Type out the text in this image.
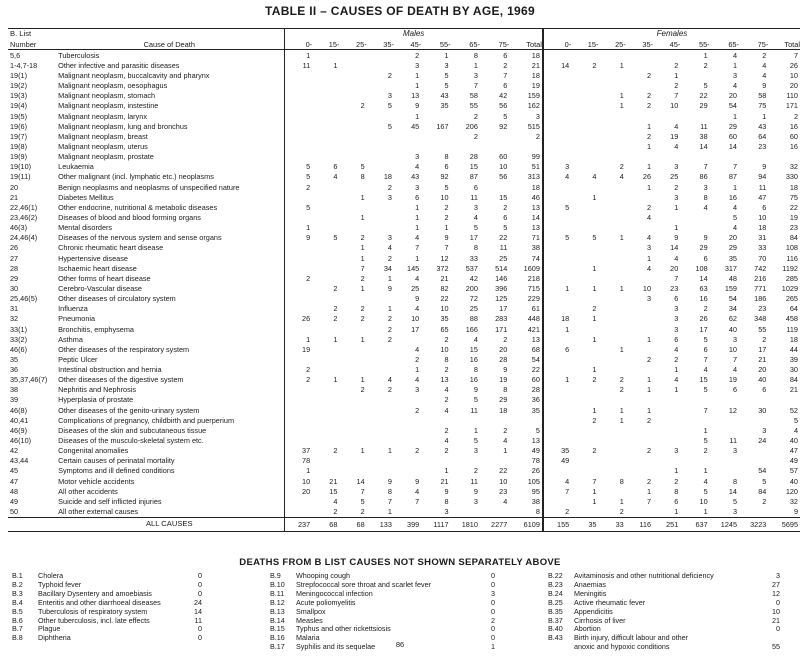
TABLE II – CAUSES OF DEATH BY AGE, 1969
B. List		Males									Females								
Number	Cause of Death	0-	15-	25-	35-	45-	55-	65-	75-	Total	0-	15-	25-	35-	45-	55-	65-	75-	Total
5,6	Tuberculosis	1				2	1	8	6	18						1	4	2	7
1-4,7-18	Other infective and parasitic diseases	11	1			3	3	1	2	21	14	2	1		2	2	1	4	26
19(1)	Malignant neoplasm, buccalcavity and pharynx				2	1	5	3	7	18				2	1		3	4	10
19(2)	Malignant neoplasm, oesophagus					1	5	7	6	19					2	5	4	9	20
19(3)	Malignant neoplasm, stomach				3	13	43	58	42	159			1	2	7	22	20	58	110
19(4)	Malignant neoplasm, instestine			2	5	9	35	55	56	162			1	2	10	29	54	75	171
19(5)	Malignant neoplasm, larynx					1		2	5	3							1	1	2
19(6)	Malignant neoplasm, lung and bronchus				5	45	167	206	92	515				1	4	11	29	43	16
19(7)	Malignant neoplasm, breast							2		2				2	19	38	60	64	60
19(8)	Malignant neoplasm, uterus													1	4	14	14	23	16
19(9)	Malignant neoplasm, prostate					3	8	28	60	99									
19(10)	Leukaemia	5	6	5		4	6	15	10	51	3		2	1	3	7	7	9	32
19(11)	Other malignant (incl. lymphatic etc.) neoplasms	5	4	8	18	43	92	87	56	313	4	4	4	26	25	86	87	94	330
20	Benign neoplasms and neoplasms of unspecified nature	2			2	3	5	6		18				1	2	3	1	11	18
21	Diabetes Mellitus			1	3	6	10	11	15	46		1			3	8	16	47	75
22,46(1)	Other endocrine, nutritional & metabolic diseases	5				1	2	3	2	13	5			2	1	4	4	6	22
23,46(2)	Diseases of blood and blood forming organs			1		1	2	4	6	14				4			5	10	19
46(3)	Mental disorders	1				1	1	5	5	13					1		4	18	23
24,46(4)	Diseases of the nervous system and sense organs	9	5	2	3	4	9	17	22	71	5	5	1	4	9	9	20	31	84
26	Chronic rheumatic heart disease			1	4	7	7	8	11	38				3	14	29	29	33	108
27	Hypertensive disease			1	2	1	12	33	25	74				1	4	6	35	70	116
28	Ischaemic heart disease			7	34	145	372	537	514	1609		1		4	20	108	317	742	1192
29	Other forms of heart disease	2		2	1	4	21	42	146	218					7	14	48	216	285
30	Cerebro-Vascular disease		2	1	9	25	82	200	396	715	1	1	1	10	23	63	159	771	1029
25,46(5)	Other diseases of circulatory system					9	22	72	125	229				3	6	16	54	186	265
31	Influenza		2	2	1	4	10	25	17	61		2			3	2	34	23	64
32	Pneumonia	26	2	2	2	10	35	88	283	448	18	1			3	26	62	348	458
33(1)	Bronchitis, emphysema				2	17	65	166	171	421	1				3	17	40	55	119
33(2)	Asthma	1	1	1	2		2	4	2	13		1		1	6	5	3	2	18
46(6)	Other diseases of the respiratory system	19				4	10	15	20	68	6		1		4	6	10	17	44
35	Peptic Ulcer					2	8	16	28	54				2	2	7	7	21	39
36	Intestinal obstruction and hernia	2				1	2	8	9	22		1			1	4	4	20	30
35,37,46(7)	Other diseases of the digestive system	2	1	1	4	4	13	16	19	60	1	2	2	1	4	15	19	40	84
38	Nephritis and Nephrosis			2	2	3	4	9	8	28			2	1	1	5	6	6	21
39	Hyperplasia of prostate						2	5	29	36									
46(8)	Other diseases of the genito-urinary system					2	4	11	18	35		1	1	1		7	12	30	52
40,41	Complications of pregnancy, childbirth and puerperium											2	1	2					5
46(9)	Diseases of the skin and subcutaneous tissue						2	1	2	5						1		3	4
46(10)	Diseases of the musculo-skeletal system etc.						4	5	4	13						5	11	24	40
42	Congenital anomalies	37	2	1	1	2	2	3	1	49	35	2		2	3	2	3		47
43,44	Certain causes of perinatal mortality	78								78	49								49
45	Symptoms and ill defined conditions	1					1	2	22	26					1	1		54	57
47	Motor vehicle accidents	10	21	14	9	9	21	11	10	105	4	7	8	2	2	4	8	5	40
48	All other accidents	20	15	7	8	4	9	9	23	95	7	1		1	8	5	14	84	120
49	Suicide and self inflicted injuries		4	5	7	7	8	3	4	38		1	1	7	6	10	5	2	32
50	All other external causes		2	2	1		3			8	2		2		1	1	3		9
	ALL CAUSES	237	68	68	133	399	1117	1810	2277	6109	155	35	33	116	251	637	1245	3223	5695
DEATHS FROM B LIST CAUSES NOT SHOWN SEPARATELY ABOVE
B.1	Cholera	0
B.2	Typhoid fever	0
B.3	Bacillary Dysentery and amoebiasis	0
B.4	Enteritis and other diarrhoeal diseases	24
B.5	Tuberculosis of respiratory system	14
B.6	Other tuberculosis, incl. late effects	11
B.7	Plague	0
B.8	Diphtheria	0
B.9	Whooping cough	0
B.10	Strepfococcal sore throat and scarlet fever	0
B.11	Meningococcal infection	3
B.12	Acute poliomyelitis	0
B.13	Smallpox	0
B.14	Measles	2
B.15	Typhus and other rickettsiosis	0
B.16	Malaria	0
B.17	Syphilis and its sequelae	1
B.22	Avitaminosis and other nutritional deficiency	3
B.23	Anaemias	27
B.24	Meningitis	12
B.25	Active rheumatic fever	0
B.35	Appendicitis	10
B.37	Cirrhosis of liver	21
B.40	Abortion	0
B.43	Birth injury, difficult labour and other
anoxic and hypoxic conditions	55
86
